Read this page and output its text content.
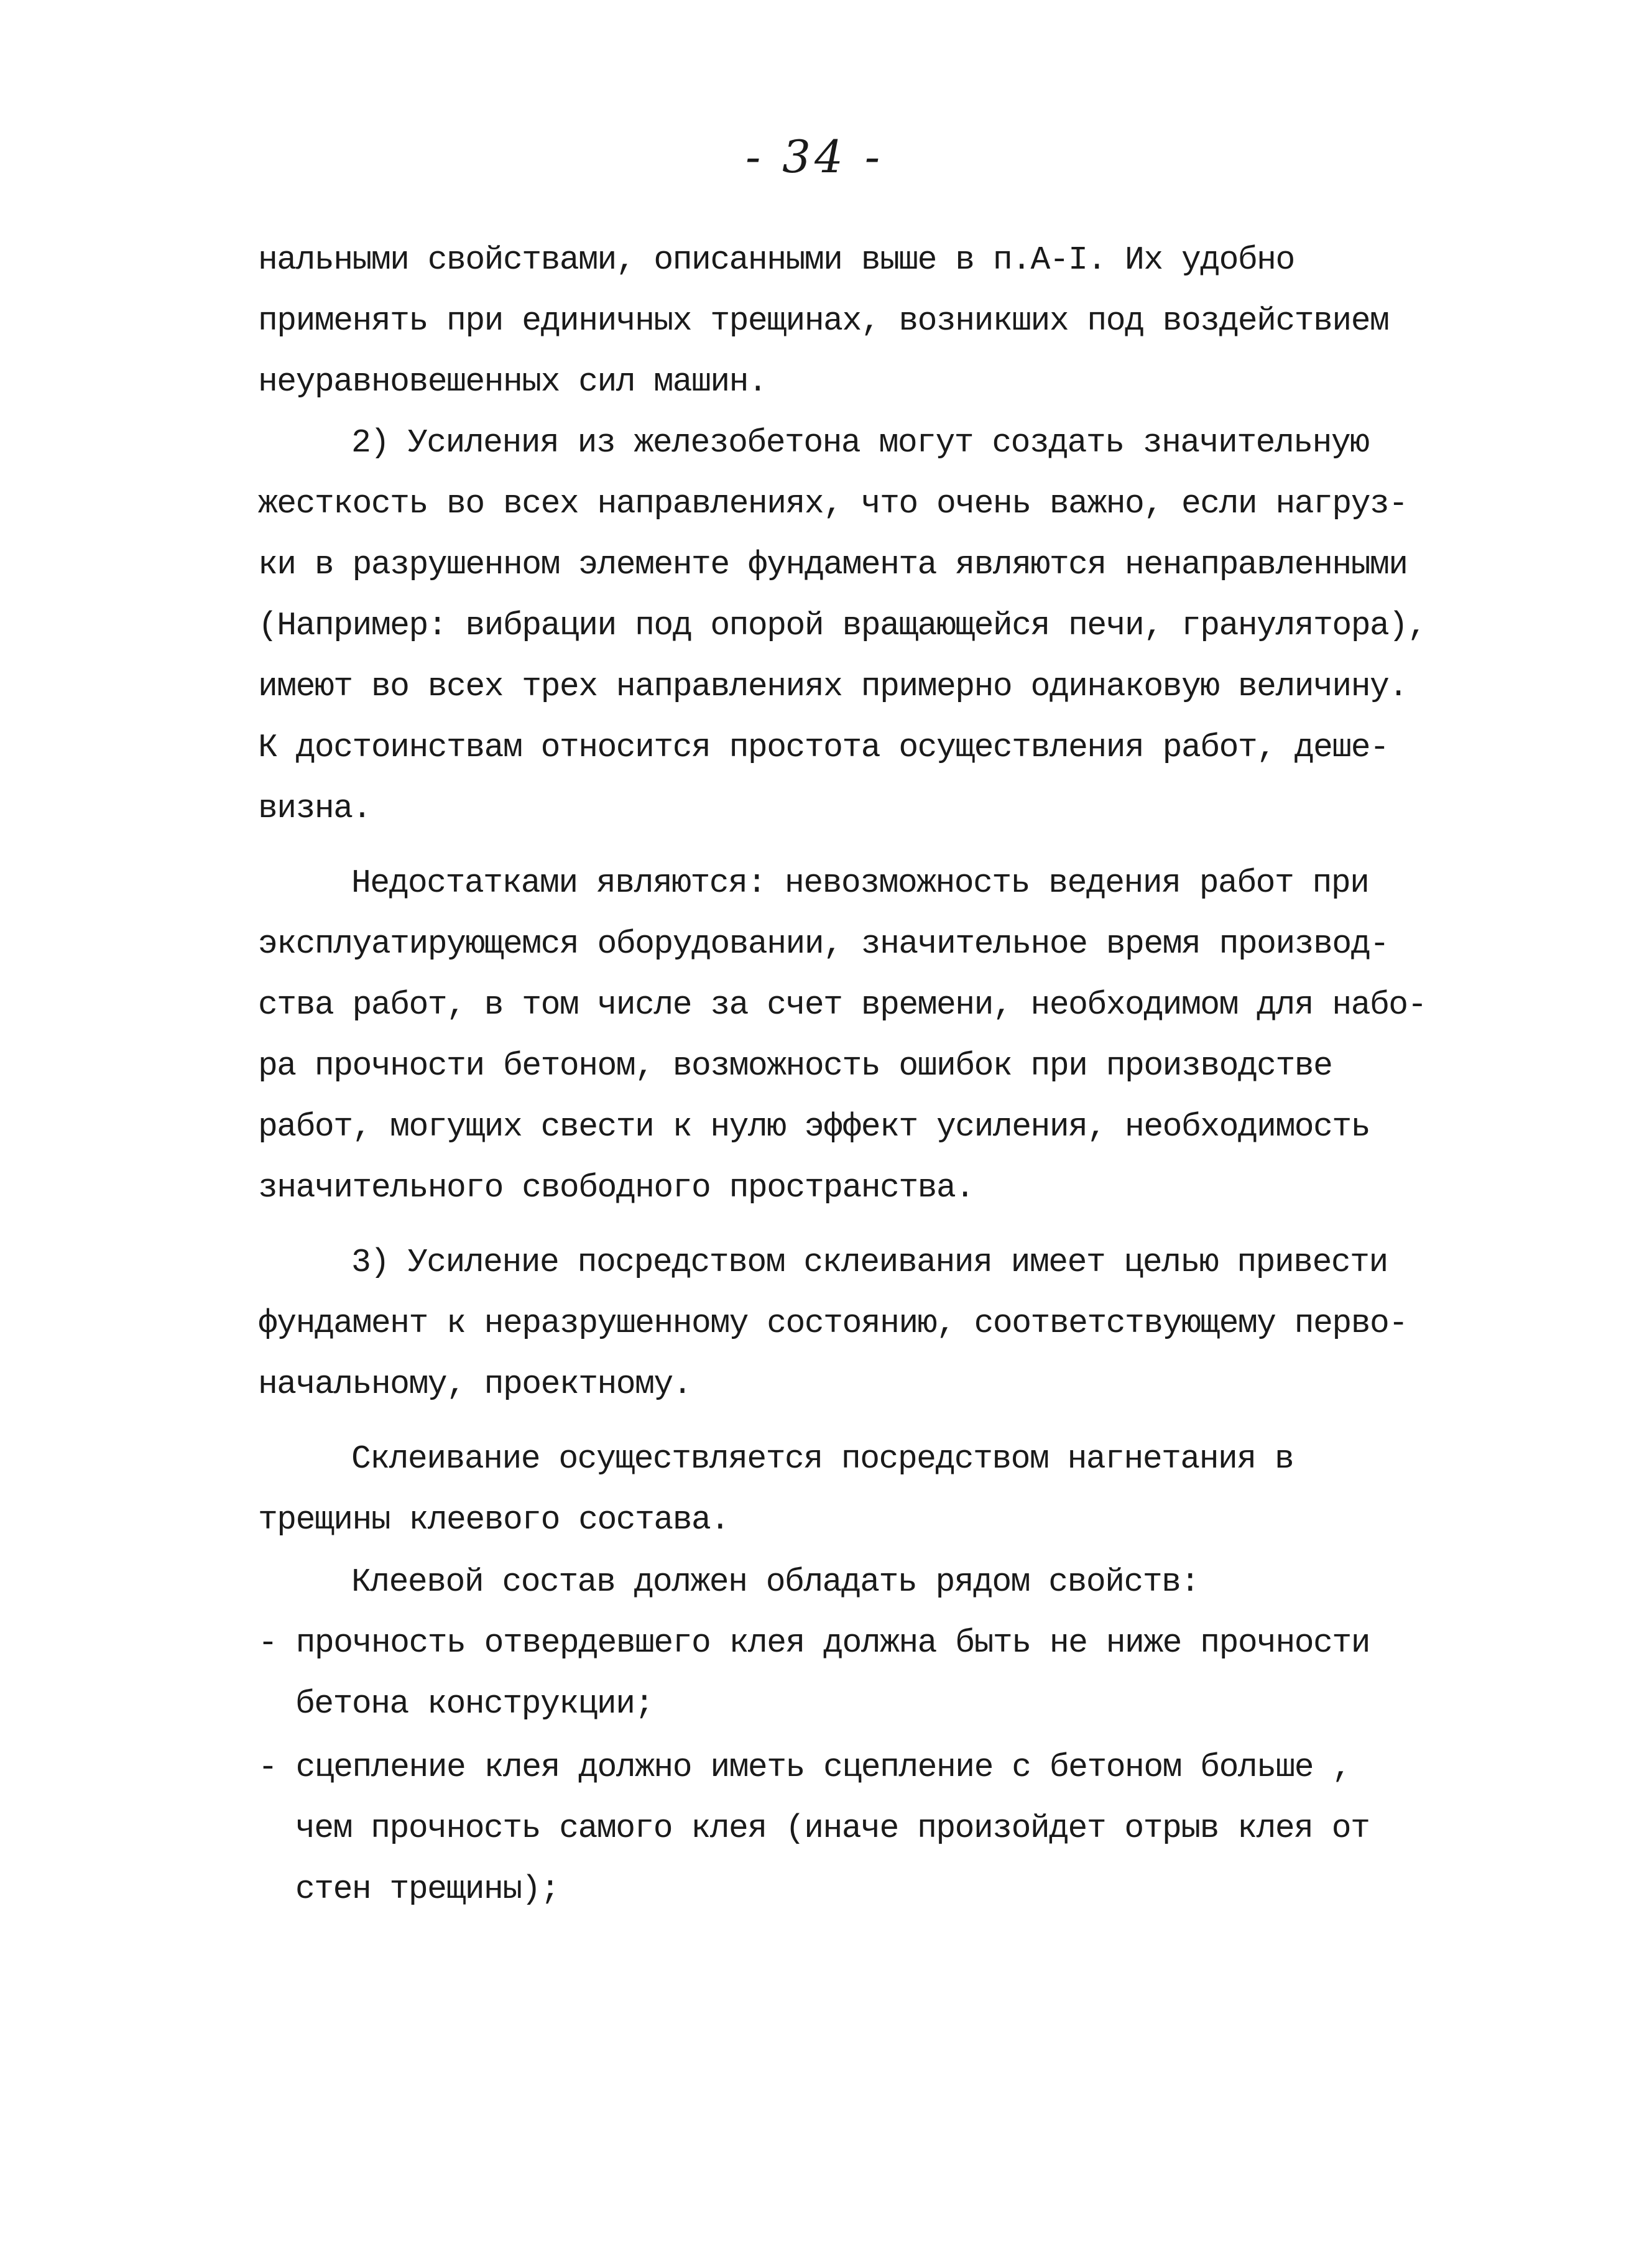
- 34 -
нальными свойствами, описанными выше в п.А-I. Их удобно
применять при единичных трещинах, возникших под воздействием
неуравновешенных сил машин.
2) Усиления из железобетона могут создать значительную
жесткость во всех направлениях, что очень важно, если нагруз-
ки в разрушенном элементе фундамента являются ненаправленными
(Например: вибрации под опорой вращающейся печи, гранулятора),
имеют во всех трех направлениях примерно одинаковую величину.
К достоинствам относится простота осуществления работ, деше-
визна.
Недостатками являются: невозможность ведения работ при
эксплуатирующемся оборудовании, значительное время производ-
ства работ, в том числе за счет времени, необходимом для набо-
ра прочности бетоном, возможность ошибок при производстве
работ, могущих свести к нулю эффект усиления, необходимость
значительного свободного пространства.
3) Усиление посредством склеивания имеет целью привести
фундамент к неразрушенному состоянию, соответствующему перво-
начальному, проектному.
Склеивание осуществляется посредством нагнетания в
трещины клеевого состава.
Клеевой состав должен обладать рядом свойств:
- прочность отвердевшего клея должна быть не ниже прочности
бетона конструкции;
- сцепление клея должно иметь сцепление с бетоном больше ,
чем прочность самого клея (иначе произойдет отрыв клея от
стен трещины);
